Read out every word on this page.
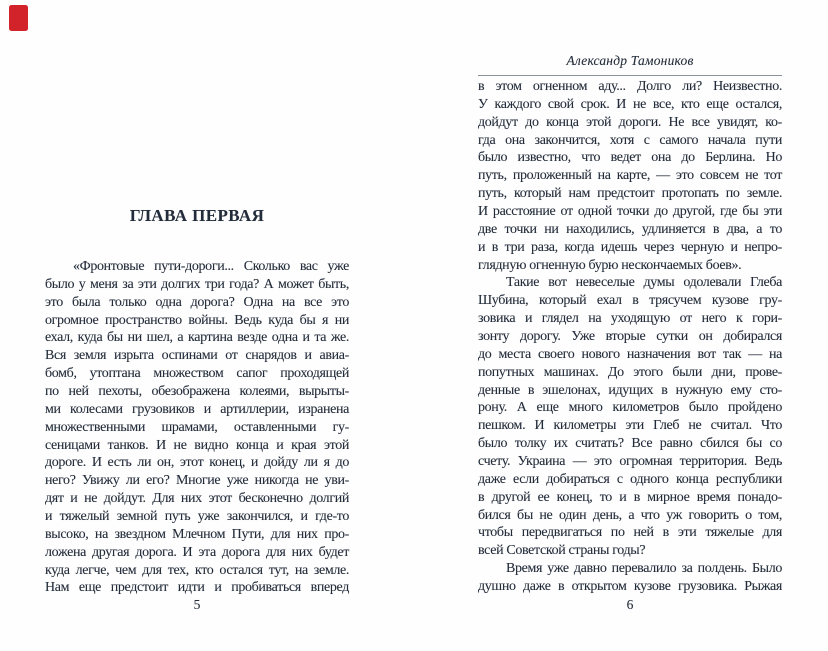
ГЛАВА ПЕРВАЯ
«Фронтовые пути-дороги... Сколько вас уже
было у меня за эти долгих три года? А может быть,
это была только одна дорога? Одна на все это
огромное пространство войны. Ведь куда бы я ни
ехал, куда бы ни шел, а картина везде одна и та же.
Вся земля изрыта оспинами от снарядов и авиа-
бомб, утоптана множеством сапог проходящей
по ней пехоты, обезображена колеями, вырыты-
ми колесами грузовиков и артиллерии, изранена
множественными шрамами, оставленными гу-
сеницами танков. И не видно конца и края этой
дороге. И есть ли он, этот конец, и дойду ли я до
него? Увижу ли его? Многие уже никогда не уви-
дят и не дойдут. Для них этот бесконечно долгий
и тяжелый земной путь уже закончился, и где-то
высоко, на звездном Млечном Пути, для них про-
ложена другая дорога. И эта дорога для них будет
куда легче, чем для тех, кто остался тут, на земле.
Нам еще предстоит идти и пробиваться вперед
5
Александр Тамоников
в этом огненном аду... Долго ли? Неизвестно.
У каждого свой срок. И не все, кто еще остался,
дойдут до конца этой дороги. Не все увидят, ко-
гда она закончится, хотя с самого начала пути
было известно, что ведет она до Берлина. Но
путь, проложенный на карте, — это совсем не тот
путь, который нам предстоит протопать по земле.
И расстояние от одной точки до другой, где бы эти
две точки ни находились, удлиняется в два, а то
и в три раза, когда идешь через черную и непро-
глядную огненную бурю нескончаемых боев».
Такие вот невеселые думы одолевали Глеба
Шубина, который ехал в трясучем кузове гру-
зовика и глядел на уходящую от него к гори-
зонту дорогу. Уже вторые сутки он добирался
до места своего нового назначения вот так — на
попутных машинах. До этого были дни, прове-
денные в эшелонах, идущих в нужную ему сто-
рону. А еще много километров было пройдено
пешком. И километры эти Глеб не считал. Что
было толку их считать? Все равно сбился бы со
счету. Украина — это огромная территория. Ведь
даже если добираться с одного конца республики
в другой ее конец, то и в мирное время понадо-
бился бы не один день, а что уж говорить о том,
чтобы передвигаться по ней в эти тяжелые для
всей Советской страны годы?
Время уже давно перевалило за полдень. Было
душно даже в открытом кузове грузовика. Рыжая
6
